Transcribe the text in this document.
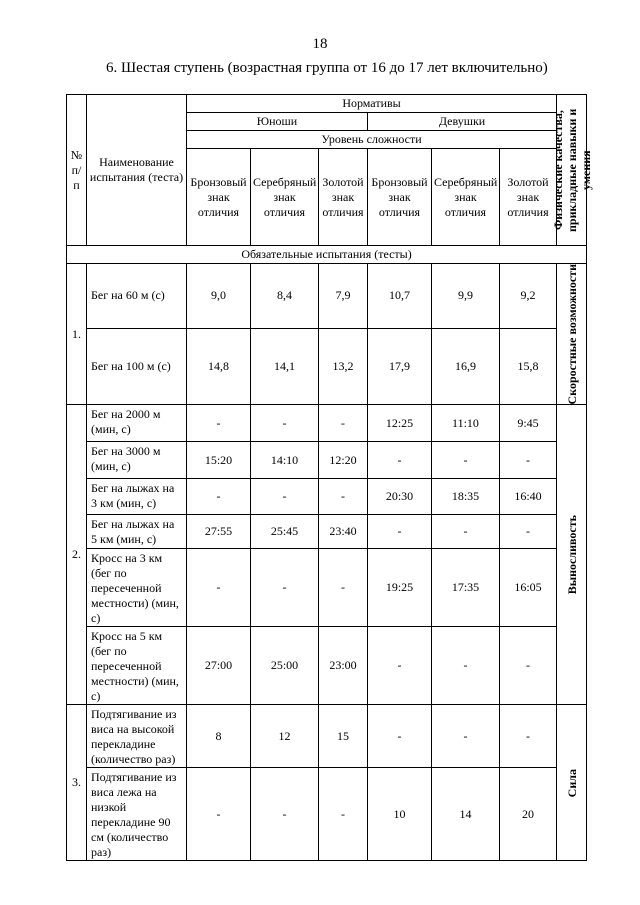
18
6. Шестая ступень (возрастная группа от 16 до 17 лет включительно)
№ п/п	Наименование испытания (теста)	Нормативы						Физические качества, прикладные навыки и умения

		Юноши			Девушки			
		Уровень сложности						

		Бронзовый знак отличия	Серебряный знак отличия	Золотой знак отличия	Бронзовый знак отличия	Серебряный знак отличия	Золотой знак отличия	

Обязательные испытания (тесты)								
1.	Бег на 60 м (с)	9,0	8,4	7,9	10,7	9,9	9,2	Скоростные возможности

	Бег на 100 м (с)	14,8	14,1	13,2	17,9	16,9	15,8	
2.	Бег на 2000 м (мин, с)	-	-	-	12:25	11:10	9:45	Выносливость

	Бег на 3000 м (мин, с)	15:20	14:10	12:20	-	-	-	
	Бег на лыжах на 3 км (мин, с)	-	-	-	20:30	18:35	16:40	
	Бег на лыжах на 5 км (мин, с)	27:55	25:45	23:40	-	-	-	
	Кросс на 3 км (бег по пересеченной местности) (мин, с)	-	-	-	19:25	17:35	16:05	
	Кросс на 5 км (бег по пересеченной местности) (мин, с)	27:00	25:00	23:00	-	-	-	
3.	Подтягивание из виса на высокой перекладине (количество раз)	8	12	15	-	-	-	Сила

	Подтягивание из виса лежа на низкой перекладине 90 см (количество раз)	-	-	-	10	14	20	
